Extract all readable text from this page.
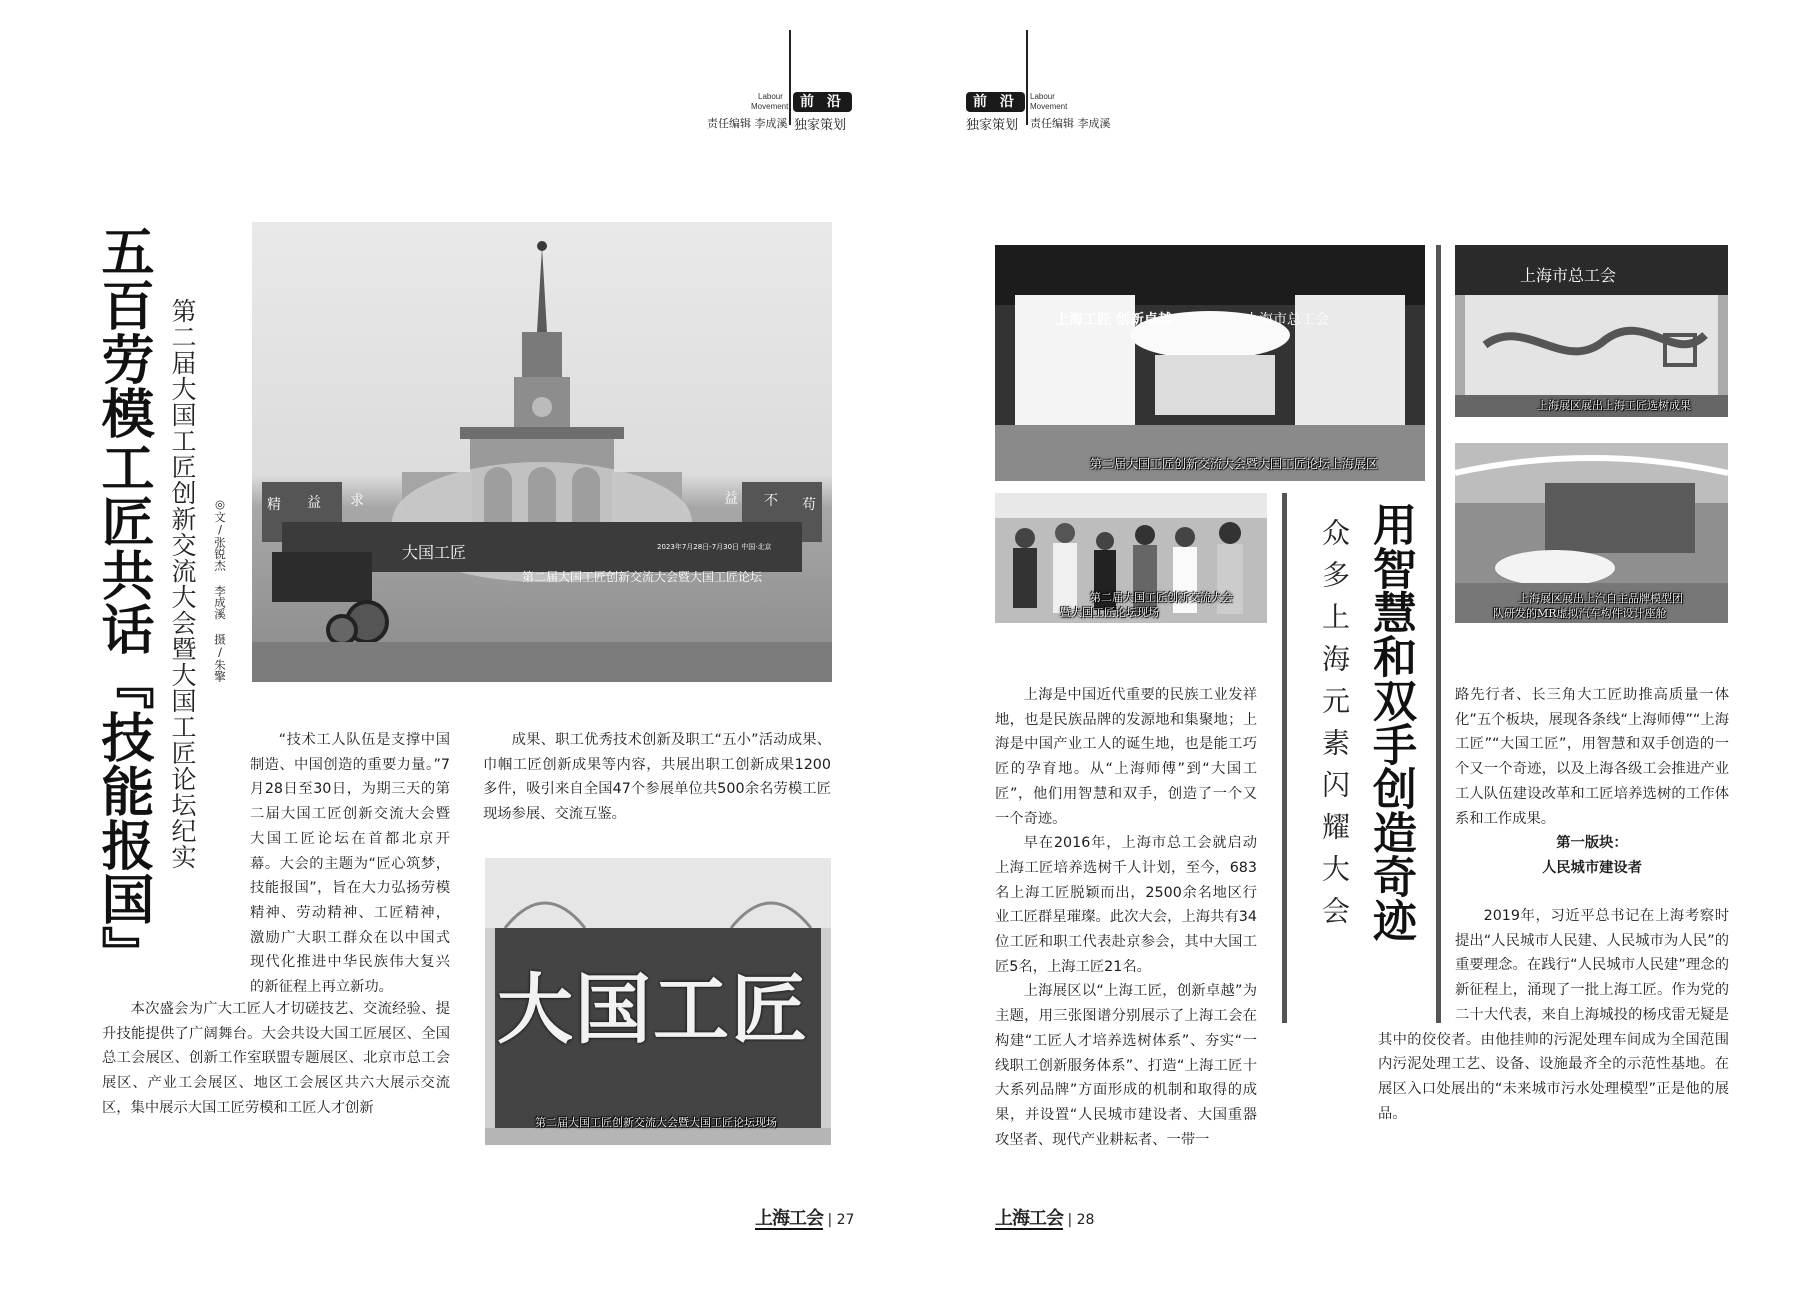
Labour
Movement 前 沿
责任编辑 李成溪 独家策划
前 沿	Labour
Movement
独家策划 责任编辑 李成溪
五百劳模工匠共话『技能报国』 第二届大国工匠创新交流大会暨大国工匠论坛纪实 ◎文/张锐杰 李成溪 摄/朱擎	精 益 求	益 不 苟
大国工匠
第二届大国工匠创新交流大会暨大国工匠论坛
2023年7月28日-7月30日 中国·北京

“技术工人队伍是支撑中国制造、中国创造的重要力量。”7月28日至30日，为期三天的第二届大国工匠创新交流大会暨大国工匠论坛在首都北京开幕。大会的主题为“匠心筑梦，技能报国”，旨在大力弘扬劳模精神、劳动精神、工匠精神，激励广大职工群众在以中国式现代化推进中华民族伟大复兴的新征程上再立新功。

本次盛会为广大工匠人才切磋技艺、交流经验、提升技能提供了广阔舞台。大会共设大国工匠展区、全国总工会展区、创新工作室联盟专题展区、北京市总工会展区、产业工会展区、地区工会展区共六大展示交流区，集中展示大国工匠劳模和工匠人才创新

成果、职工优秀技术创新及职工“五小”活动成果、巾帼工匠创新成果等内容，共展出职工创新成果1200多件，吸引来自全国47个参展单位共500余名劳模工匠现场参展、交流互鉴。

大国工匠
第二届大国工匠创新交流大会暨大国工匠论坛现场
上海工会 | 27
上海工匠 创新卓越	上海市总工会
第二届大国工匠创新交流大会暨大国工匠论坛上海展区
第二届大国工匠创新交流大会
暨大国工匠论坛现场	众多上海元素闪耀大会 用智慧和双手创造奇迹
上海市总工会
上海展区展出上海工匠选树成果
上海展区展出上汽自主品牌模型团
队研发的MR虚拟汽车构件设计座舱

上海是中国近代重要的民族工业发祥地，也是民族品牌的发源地和集聚地；上海是中国产业工人的诞生地，也是能工巧匠的孕育地。从“上海师傅”到“大国工匠”，他们用智慧和双手，创造了一个又一个奇迹。

早在2016年，上海市总工会就启动上海工匠培养选树千人计划，至今，683名上海工匠脱颖而出，2500余名地区行业工匠群星璀璨。此次大会，上海共有34位工匠和职工代表赴京参会，其中大国工匠5名，上海工匠21名。

上海展区以“上海工匠，创新卓越”为主题，用三张图谱分别展示了上海工会在构建“工匠人才培养选树体系”、夯实“一线职工创新服务体系”、打造“上海工匠十大系列品牌”方面形成的机制和取得的成果，并设置“人民城市建设者、大国重器攻坚者、现代产业耕耘者、一带一

路先行者、长三角大工匠助推高质量一体化”五个板块，展现各条线“上海师傅”“上海工匠”“大国工匠”，用智慧和双手创造的一个又一个奇迹，以及上海各级工会推进产业工人队伍建设改革和工匠培养选树的工作体系和工作成果。

第一版块：

人民城市建设者

2019年，习近平总书记在上海考察时提出“人民城市人民建、人民城市为人民”的重要理念。在践行“人民城市人民建”理念的新征程上，涌现了一批上海工匠。作为党的二十大代表，来自上海城投的杨戌雷无疑是其中的佼佼者。由他挂帅的污泥处理车间成为全国范围内污泥处理工艺、设备、设施最齐全的示范性基地。在展区入口处展出的“未来城市污水处理模型”正是他的展品。

上海工会 | 28
